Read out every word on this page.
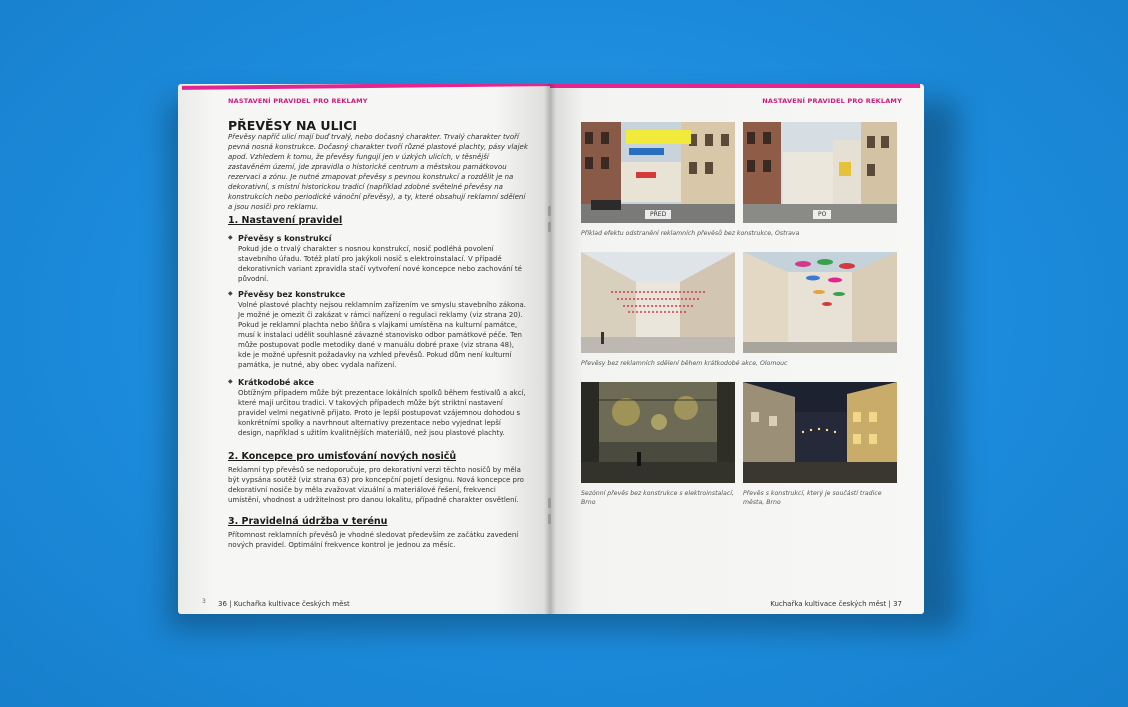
NASTAVENÍ PRAVIDEL PRO REKLAMY
PŘEVĚSY NA ULICI
Převěsy napříč ulicí mají buď trvalý, nebo dočasný charakter. Trvalý charakter tvoří pevná nosná konstrukce. Dočasný charakter tvoří různé plastové plachty, pásy vlajek apod. Vzhledem k tomu, že převěsy fungují jen v úzkých ulicích, v těsnější zastavěném území, jde zpravidla o historické centrum a městskou památkovou rezervaci a zónu. Je nutné zmapovat převěsy s pevnou konstrukcí a rozdělit je na dekorativní, s místní historickou tradicí (například zdobné světelné převěsy na konstrukcích nebo periodické vánoční převěsy), a ty, které obsahují reklamní sdělení a jsou nosiči pro reklamu.
1. Nastavení pravidel
◆ Převěsy s konstrukcí
Pokud jde o trvalý charakter s nosnou konstrukcí, nosič podléhá povolení stavebního úřadu. Totéž platí pro jakýkoli nosič s elektroinstalací. V případě dekorativních variant zpravidla stačí vytvoření nové koncepce nebo zachování té původní.
◆ Převěsy bez konstrukce
Volné plastové plachty nejsou reklamním zařízením ve smyslu stavebního zákona. Je možné je omezit či zakázat v rámci nařízení o regulaci reklamy (viz strana 20). Pokud je reklamní plachta nebo šňůra s vlajkami umístěna na kulturní památce, musí k instalaci udělit souhlasné závazné stanovisko odbor památkové péče. Ten může postupovat podle metodiky dané v manuálu dobré praxe (viz strana 48), kde je možné upřesnit požadavky na vzhled převěsů. Pokud dům není kulturní památka, je nutné, aby obec vydala nařízení.
◆ Krátkodobé akce
Obtížným případem může být prezentace lokálních spolků během festivalů a akcí, které mají určitou tradici. V takových případech může být striktní nastavení pravidel velmi negativně přijato. Proto je lepší postupovat vzájemnou dohodou s konkrétními spolky a navrhnout alternativy prezentace nebo vyjednat lepší design, například s užitím kvalitnějších materiálů, než jsou plastové plachty.
2. Koncepce pro umisťování nových nosičů
Reklamní typ převěsů se nedoporučuje, pro dekorativní verzi těchto nosičů by měla být vypsána soutěž (viz strana 63) pro koncepční pojetí designu. Nová koncepce pro dekorativní nosiče by měla zvažovat vizuální a materiálové řešení, frekvenci umístění, vhodnost a udržitelnost pro danou lokalitu, případně charakter osvětlení.
3. Pravidelná údržba v terénu
Přítomnost reklamních převěsů je vhodné sledovat především ze začátku zavedení nových pravidel. Optimální frekvence kontrol je jednou za měsíc.
3 36 | Kuchařka kultivace českých měst
NASTAVENÍ PRAVIDEL PRO REKLAMY
PŘED	PO
Příklad efektu odstranění reklamních převěsů bez konstrukce, Ostrava
Převěsy bez reklamních sdělení během krátkodobé akce, Olomouc
Sezónní převěs bez konstrukce s elektroinstalací, Brno
Převěs s konstrukcí, který je součástí tradice města, Brno
Kuchařka kultivace českých měst | 37
